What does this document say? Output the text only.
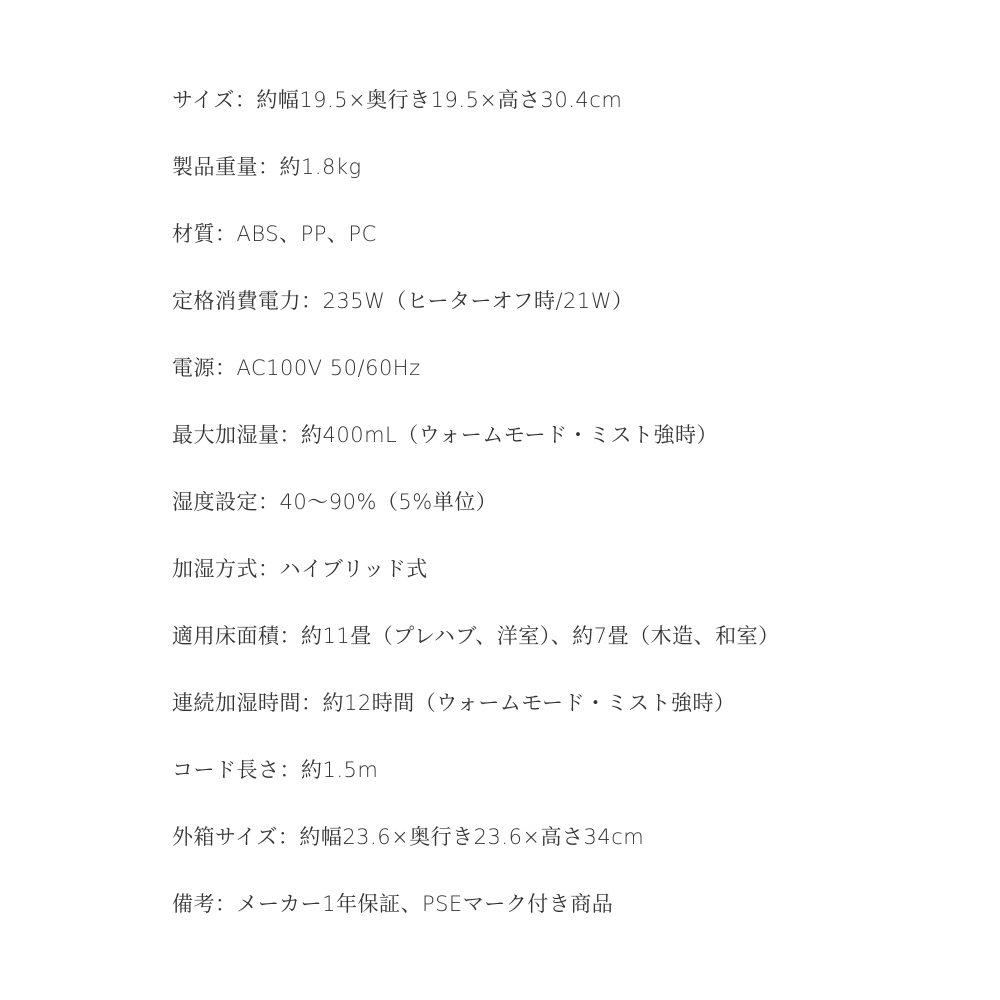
サイズ：約幅19.5×奥行き19.5×高さ30.4cm
製品重量：約1.8kg
材質：ABS、PP、PC
定格消費電力：235W（ヒーターオフ時/21W）
電源：AC100V 50/60Hz
最大加湿量：約400mL（ウォームモード・ミスト強時）
湿度設定：40～90%（5%単位）
加湿方式：ハイブリッド式
適用床面積：約11畳（プレハブ、洋室）、約7畳（木造、和室）
連続加湿時間：約12時間（ウォームモード・ミスト強時）
コード長さ：約1.5m
外箱サイズ：約幅23.6×奥行き23.6×高さ34cm
備考：メーカー1年保証、PSEマーク付き商品
